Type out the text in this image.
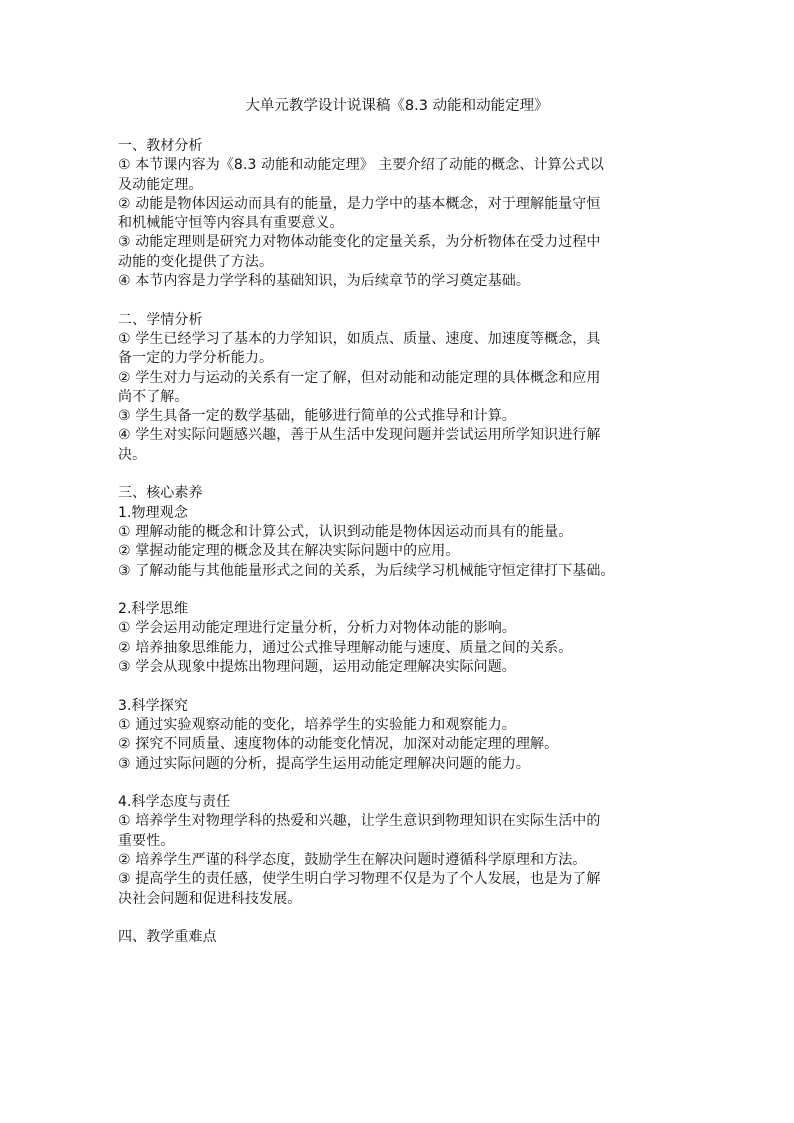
大单元教学设计说课稿《8.3 动能和动能定理》

一、教材分析

① 本节课内容为《8.3 动能和动能定理》 主要介绍了动能的概念、计算公式以

及动能定理。

② 动能是物体因运动而具有的能量，是力学中的基本概念，对于理解能量守恒

和机械能守恒等内容具有重要意义。

③ 动能定理则是研究力对物体动能变化的定量关系，为分析物体在受力过程中

动能的变化提供了方法。

④ 本节内容是力学学科的基础知识，为后续章节的学习奠定基础。

二、学情分析

① 学生已经学习了基本的力学知识，如质点、质量、速度、加速度等概念，具

备一定的力学分析能力。

② 学生对力与运动的关系有一定了解，但对动能和动能定理的具体概念和应用

尚不了解。

③ 学生具备一定的数学基础，能够进行简单的公式推导和计算。

④ 学生对实际问题感兴趣，善于从生活中发现问题并尝试运用所学知识进行解

决。

三、核心素养

1.物理观念

① 理解动能的概念和计算公式，认识到动能是物体因运动而具有的能量。

② 掌握动能定理的概念及其在解决实际问题中的应用。

③ 了解动能与其他能量形式之间的关系，为后续学习机械能守恒定律打下基础。

2.科学思维

① 学会运用动能定理进行定量分析，分析力对物体动能的影响。

② 培养抽象思维能力，通过公式推导理解动能与速度、质量之间的关系。

③ 学会从现象中提炼出物理问题，运用动能定理解决实际问题。

3.科学探究

① 通过实验观察动能的变化，培养学生的实验能力和观察能力。

② 探究不同质量、速度物体的动能变化情况，加深对动能定理的理解。

③ 通过实际问题的分析，提高学生运用动能定理解决问题的能力。

4.科学态度与责任

① 培养学生对物理学科的热爱和兴趣，让学生意识到物理知识在实际生活中的

重要性。

② 培养学生严谨的科学态度，鼓励学生在解决问题时遵循科学原理和方法。

③ 提高学生的责任感，使学生明白学习物理不仅是为了个人发展，也是为了解

决社会问题和促进科技发展。

四、教学重难点
